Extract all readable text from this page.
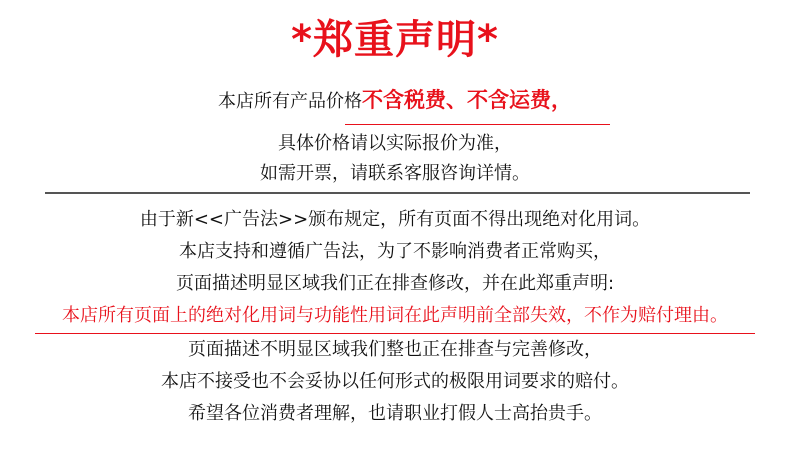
*郑重声明*
本店所有产品价格不含税费、不含运费，
具体价格请以实际报价为准，
如需开票，请联系客服咨询详情。
由于新<<广告法>>颁布规定，所有页面不得出现绝对化用词。
本店支持和遵循广告法，为了不影响消费者正常购买，
页面描述明显区域我们正在排查修改，并在此郑重声明:
本店所有页面上的绝对化用词与功能性用词在此声明前全部失效，不作为赔付理由。
页面描述不明显区域我们整也正在排查与完善修改，
本店不接受也不会妥协以任何形式的极限用词要求的赔付。
希望各位消费者理解，也请职业打假人士高抬贵手。
